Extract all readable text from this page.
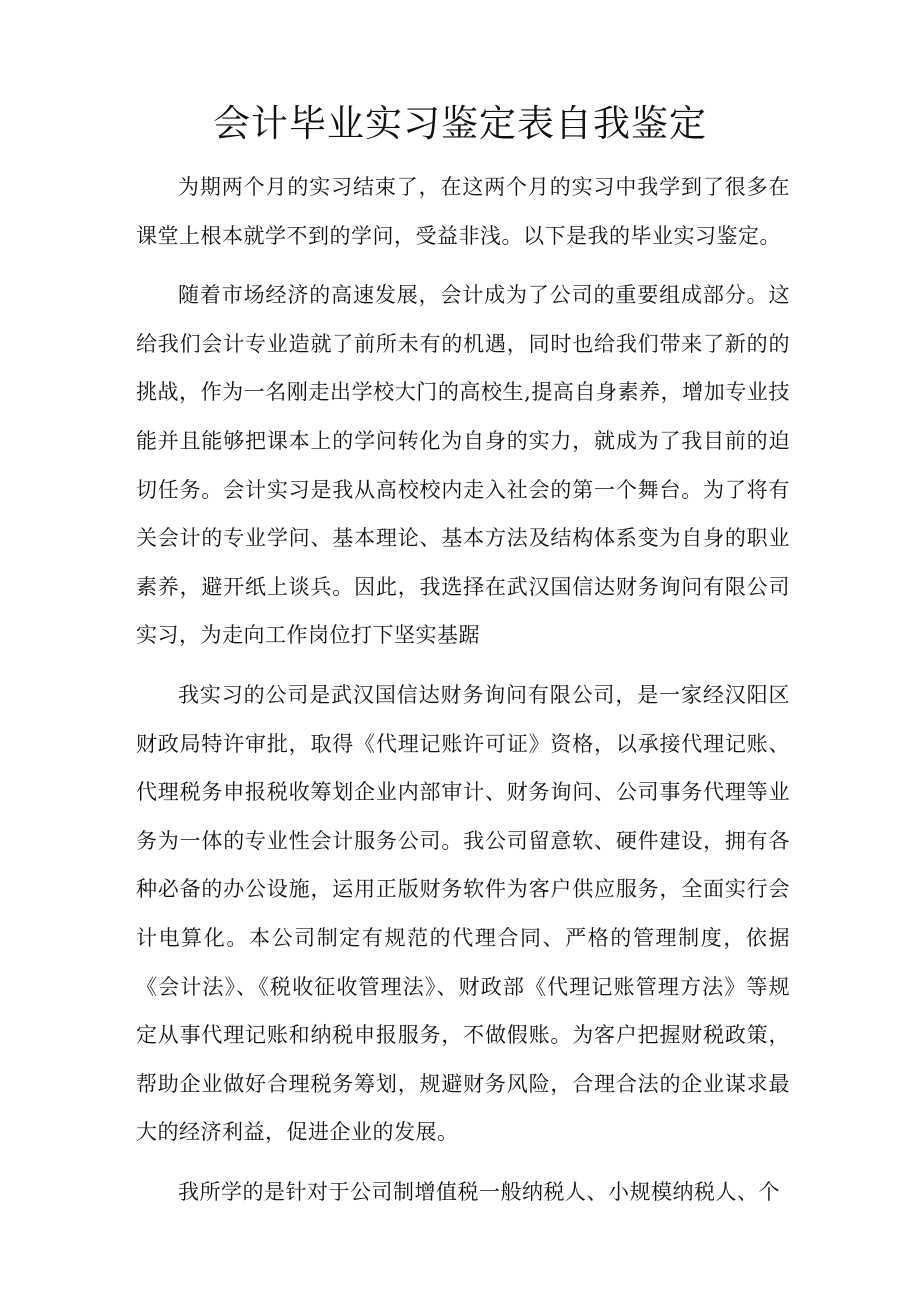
会计毕业实习鉴定表自我鉴定

为期两个月的实习结束了，在这两个月的实习中我学到了很多在课堂上根本就学不到的学问，受益非浅。以下是我的毕业实习鉴定。

随着市场经济的高速发展，会计成为了公司的重要组成部分。这给我们会计专业造就了前所未有的机遇，同时也给我们带来了新的的挑战，作为一名刚走出学校大门的高校生,提高自身素养，增加专业技能并且能够把课本上的学问转化为自身的实力，就成为了我目前的迫切任务。会计实习是我从高校校内走入社会的第一个舞台。为了将有关会计的专业学问、基本理论、基本方法及结构体系变为自身的职业素养，避开纸上谈兵。因此，我选择在武汉国信达财务询问有限公司实习，为走向工作岗位打下坚实基踞

我实习的公司是武汉国信达财务询问有限公司，是一家经汉阳区财政局特许审批，取得《代理记账许可证》资格，以承接代理记账、代理税务申报税收筹划企业内部审计、财务询问、公司事务代理等业务为一体的专业性会计服务公司。我公司留意软、硬件建设，拥有各种必备的办公设施，运用正版财务软件为客户供应服务，全面实行会计电算化。本公司制定有规范的代理合同、严格的管理制度，依据《会计法》、《税收征收管理法》、财政部《代理记账管理方法》等规定从事代理记账和纳税申报服务，不做假账。为客户把握财税政策，帮助企业做好合理税务筹划，规避财务风险，合理合法的企业谋求最大的经济利益，促进企业的发展。

我所学的是针对于公司制增值税一般纳税人、小规模纳税人、个
